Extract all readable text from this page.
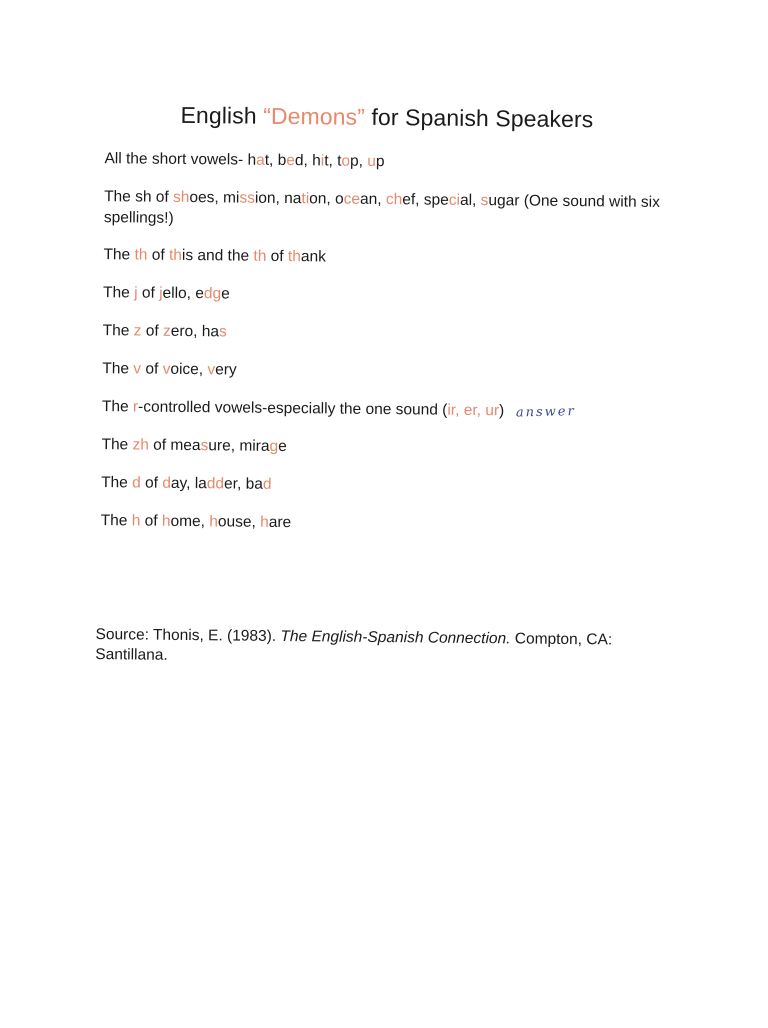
English “Demons” for Spanish Speakers
All the short vowels- hat, bed, hit, top, up
The sh of shoes, mission, nation, ocean, chef, special, sugar (One sound with six spellings!)
The th of this and the th of thank
The j of jello, edge
The z of zero, has
The v of voice, very
The r-controlled vowels-especially the one sound (ir, er, ur) answer
The zh of measure, mirage
The d of day, ladder, bad
The h of home, house, hare
Source: Thonis, E. (1983). The English-Spanish Connection. Compton, CA: Santillana.
